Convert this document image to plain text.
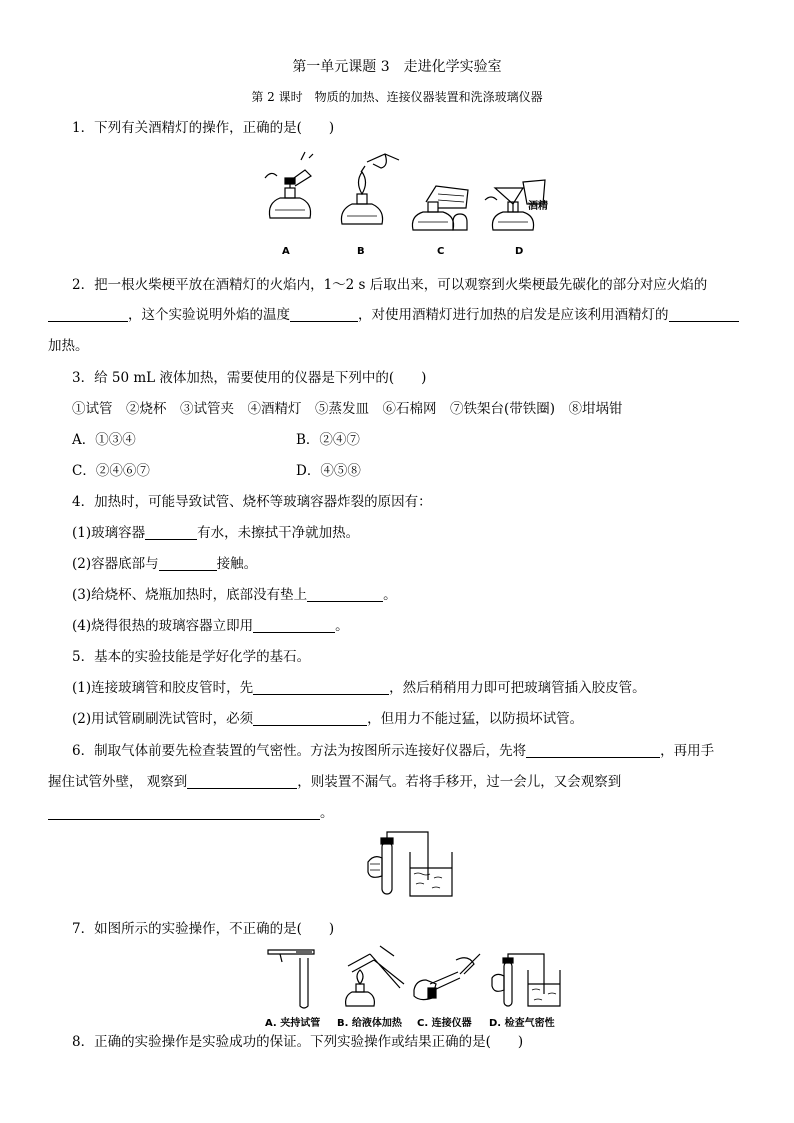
第一单元课题 3　走进化学实验室
第 2 课时　物质的加热、连接仪器装置和洗涤玻璃仪器
1．下列有关酒精灯的操作，正确的是(　　)
A	B	C
酒精
D
2．把一根火柴梗平放在酒精灯的火焰内，1～2 s 后取出来，可以观察到火柴梗最先碳化的部分对应火焰的
，这个实验说明外焰的温度	，对使用酒精灯进行加热的启发是应该利用酒精灯的
加热。
3．给 50 mL 液体加热，需要使用的仪器是下列中的(　　)
①试管　②烧杯　③试管夹　④酒精灯　⑤蒸发皿　⑥石棉网　⑦铁架台(带铁圈)　⑧坩埚钳
A．①③④	B．②④⑦
C．②④⑥⑦	D．④⑤⑧
4．加热时，可能导致试管、烧杯等玻璃容器炸裂的原因有：
(1)玻璃容器	有水，未擦拭干净就加热。
(2)容器底部与	接触。
(3)给烧杯、烧瓶加热时，底部没有垫上	。
(4)烧得很热的玻璃容器立即用	。
5．基本的实验技能是学好化学的基石。
(1)连接玻璃管和胶皮管时，先	，然后稍稍用力即可把玻璃管插入胶皮管。
(2)用试管刷刷洗试管时，必须	，但用力不能过猛，以防损坏试管。
6．制取气体前要先检查装置的气密性。方法为按图所示连接好仪器后，先将	，再用手
握住试管外壁， 观察到	，则装置不漏气。若将手移开，过一会儿，又会观察到
。
7．如图所示的实验操作，不正确的是(　　)
A. 夹持试管 B. 给液体加热 C. 连接仪器 D. 检查气密性
8．正确的实验操作是实验成功的保证。下列实验操作或结果正确的是(　　)
